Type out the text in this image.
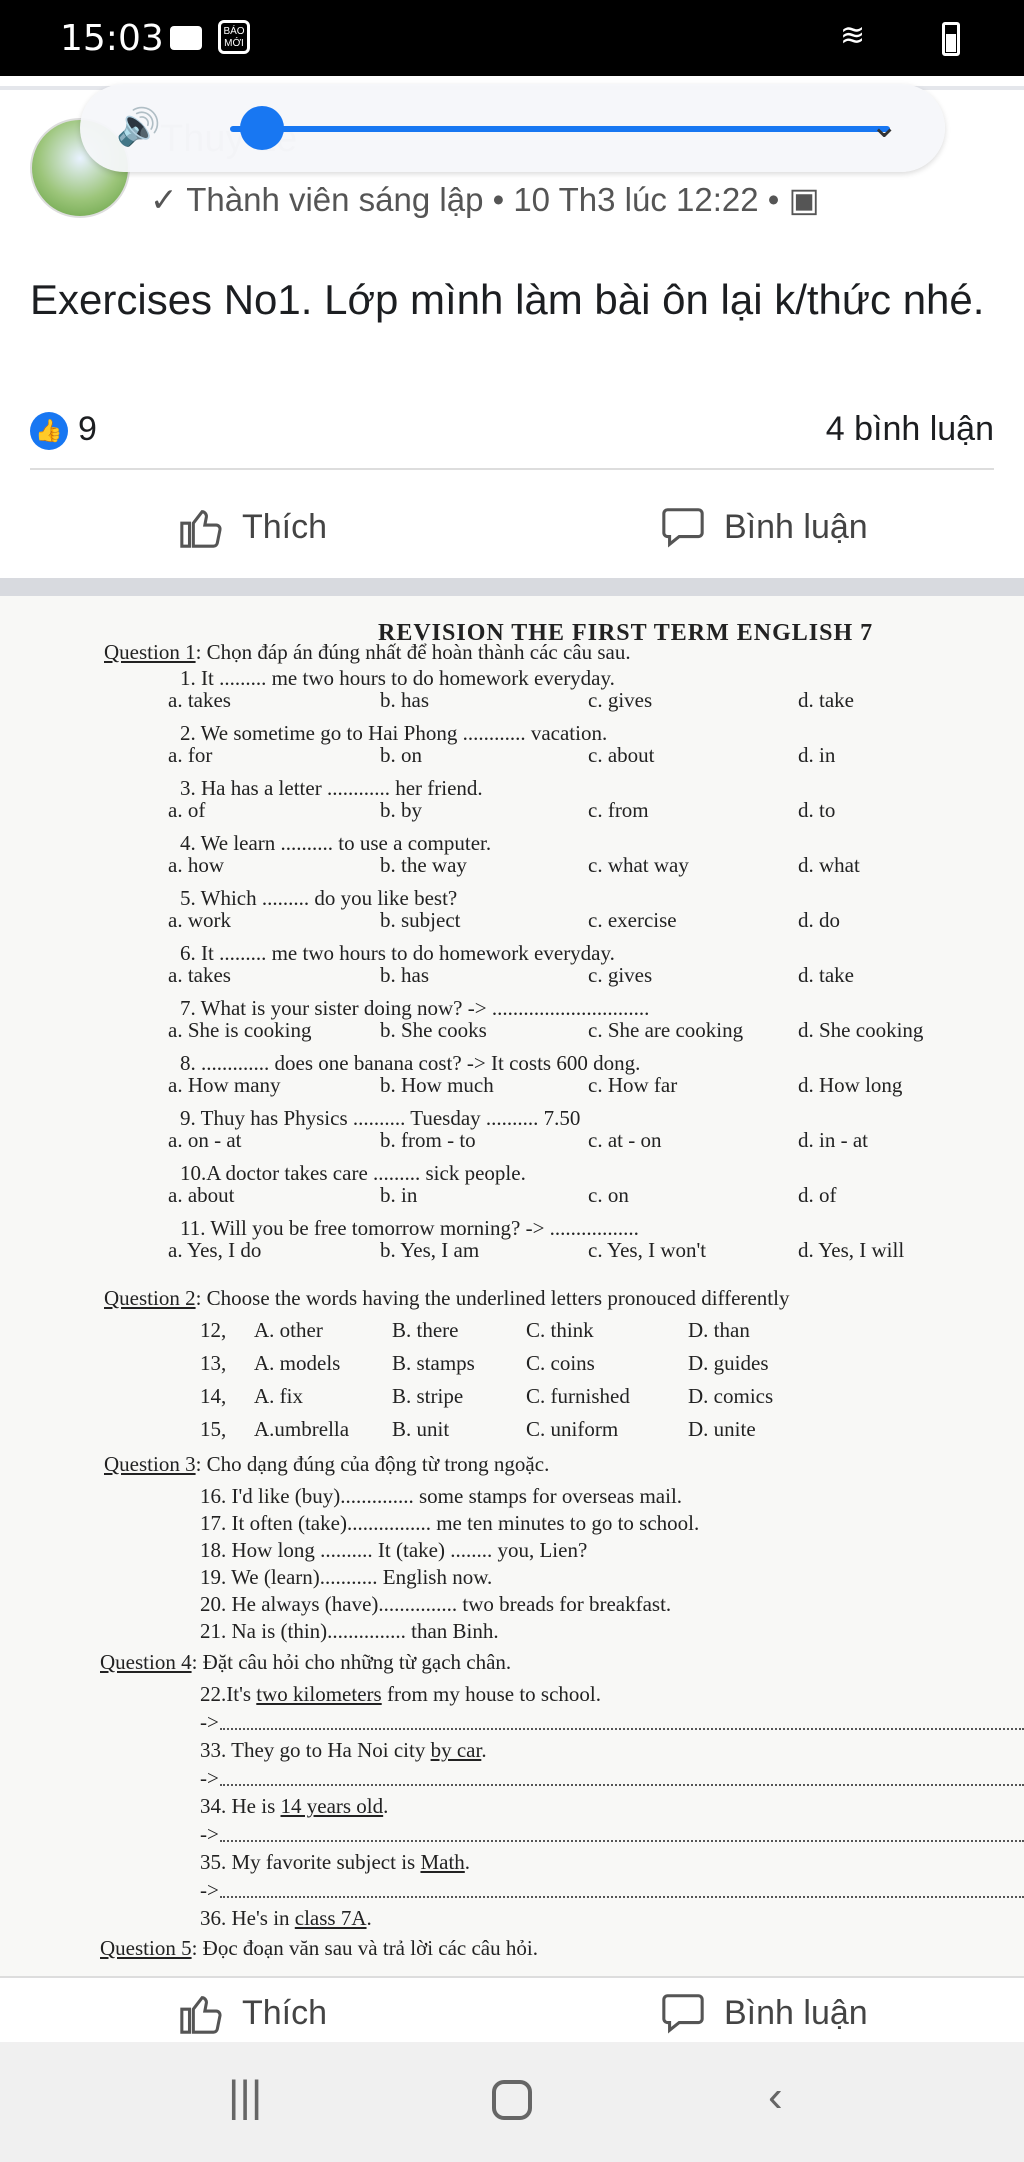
15:03	BÁO MỚI	≋
✓ Thành viên sáng lập • 10 Th3 lúc 12:22 • ▣
🔊	⌄
Exercises No1. Lớp mình làm bài ôn lại k/thức nhé.
👍 9	4 bình luận
Thích	Bình luận
REVISION THE FIRST TERM ENGLISH 7
Question 1: Chọn đáp án đúng nhất để hoàn thành các câu sau.
1. It ......... me two hours to do homework everyday.
a. takes	b. has	c. gives	d. take
2. We sometime go to Hai Phong ............ vacation.
a. for	b. on	c. about	d. in
3. Ha has a letter ............ her friend.
a. of	b. by	c. from	d. to
4. We learn .......... to use a computer.
a. how	b. the way	c. what way	d. what
5. Which ......... do you like best?
a. work	b. subject	c. exercise	d. do
6. It ......... me two hours to do homework everyday.
a. takes	b. has	c. gives	d. take
7. What is your sister doing now? -> ..............................
a. She is cooking	b. She cooks	c. She are cooking	d. She cooking
8. ............. does one banana cost? -> It costs 600 dong.
a. How many	b. How much	c. How far	d. How long
9. Thuy has Physics .......... Tuesday .......... 7.50
a. on - at	b. from - to	c. at - on	d. in - at
10.A doctor takes care ......... sick people.
a. about	b. in	c. on	d. of
11. Will you be free tomorrow morning? -> .................
a. Yes, I do	b. Yes, I am	c. Yes, I won't	d. Yes, I will
Question 2: Choose the words having the underlined letters pronouced differently
12, A. other	B. there	C. think	D. than
13, A. models B. stamps C. coins	D. guides
14, A. fix	B. stripe	C. furnished	D. comics
15, A.umbrella B. unit	C. uniform	D. unite
Question 3: Cho dạng đúng của động từ trong ngoặc.
16. I'd like (buy).............. some stamps for overseas mail.
17. It often (take)................ me ten minutes to go to school.
18. How long .......... It (take) ........ you, Lien?
19. We (learn)........... English now.
20. He always (have)............... two breads for breakfast.
21. Na is (thin)............... than Binh.
Question 4: Đặt câu hỏi cho những từ gạch chân.
22.It's two kilometers from my house to school.
->
33. They go to Ha Noi city by car.
->
34. He is 14 years old.
->
35. My favorite subject is Math.
->
36. He's in class 7A.
Question 5: Đọc đoạn văn sau và trả lời các câu hỏi.
Thích	Bình luận
|||	‹
